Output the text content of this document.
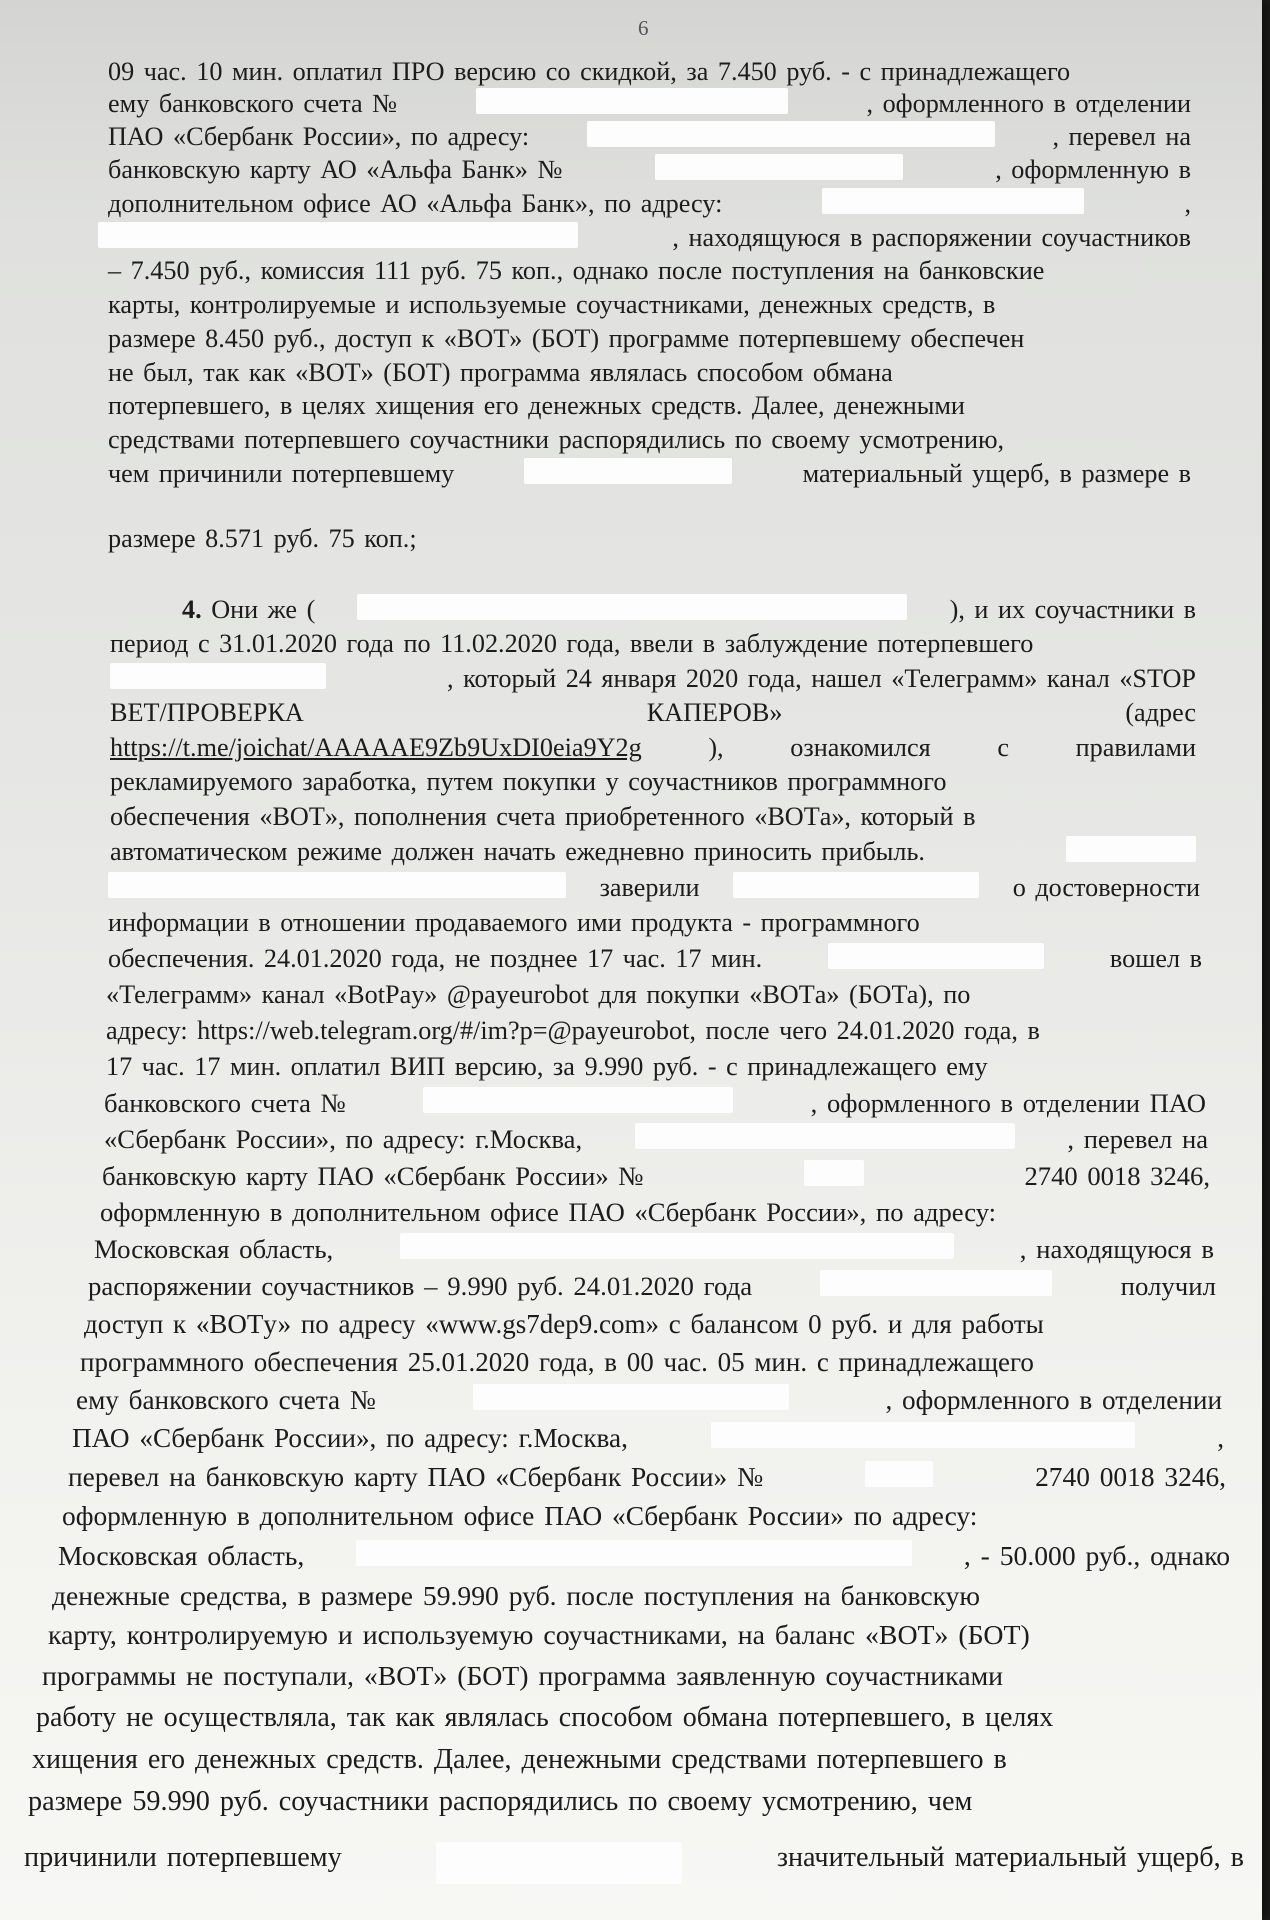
6
09 час. 10 мин. оплатил ПРО версию со скидкой, за 7.450 руб. - с принадлежащего
ему банковского счета №	, оформленного в отделении
ПАО «Сбербанк России», по адресу:	, перевел на
банковскую карту АО «Альфа Банк» №	, оформленную в
дополнительном офисе АО «Альфа Банк», по адресу:	,
, находящуюся в распоряжении соучастников
– 7.450 руб., комиссия 111 руб. 75 коп., однако после поступления на банковские
карты, контролируемые и используемые соучастниками, денежных средств, в
размере 8.450 руб., доступ к «BOT» (БОТ) программе потерпевшему обеспечен
не был, так как «BOT» (БОТ) программа являлась способом обмана
потерпевшего, в целях хищения его денежных средств. Далее, денежными
средствами потерпевшего соучастники распорядились по своему усмотрению,
чем причинили потерпевшему	материальный ущерб, в размере в
размере 8.571 руб. 75 коп.;
4. Они же (	), и их соучастники в
период с 31.01.2020 года по 11.02.2020 года, ввели в заблуждение потерпевшего
, который 24 января 2020 года, нашел «Телеграмм» канал «STOP
BET/ПРОВЕРКА	КАПЕРОВ»	(адрес
https://t.me/joichat/AAAAAE9Zb9UxDI0eia9Y2g	),	ознакомился	с	правилами
рекламируемого заработка, путем покупки у соучастников программного
обеспечения «BOT», пополнения счета приобретенного «BOTа», который в
автоматическом режиме должен начать ежедневно приносить прибыль.
заверили	о достоверности
информации в отношении продаваемого ими продукта - программного
обеспечения. 24.01.2020 года, не позднее 17 час. 17 мин.	вошел в
«Телеграмм» канал «BotPay» @payeurobot для покупки «BOTа» (БОТа), по
адресу: https://web.telegram.org/#/im?p=@payeurobot, после чего 24.01.2020 года, в
17 час. 17 мин. оплатил ВИП версию, за 9.990 руб. - с принадлежащего ему
банковского счета №	, оформленного в отделении ПАО
«Сбербанк России», по адресу: г.Москва,	, перевел на
банковскую карту ПАО «Сбербанк России» №	2740 0018 3246,
оформленную в дополнительном офисе ПАО «Сбербанк России», по адресу:
Московская область,	, находящуюся в
распоряжении соучастников – 9.990 руб. 24.01.2020 года	получил
доступ к «BOTу» по адресу «www.gs7dep9.com» с балансом 0 руб. и для работы
программного обеспечения 25.01.2020 года, в 00 час. 05 мин. с принадлежащего
ему банковского счета №	, оформленного в отделении
ПАО «Сбербанк России», по адресу: г.Москва,	,
перевел на банковскую карту ПАО «Сбербанк России» №	2740 0018 3246,
оформленную в дополнительном офисе ПАО «Сбербанк России» по адресу:
Московская область,	, - 50.000 руб., однако
денежные средства, в размере 59.990 руб. после поступления на банковскую
карту, контролируемую и используемую соучастниками, на баланс «BOT» (БОТ)
программы не поступали, «BOT» (БОТ) программа заявленную соучастниками
работу не осуществляла, так как являлась способом обмана потерпевшего, в целях
хищения его денежных средств. Далее, денежными средствами потерпевшего в
размере 59.990 руб. соучастники распорядились по своему усмотрению, чем
причинили потерпевшему	значительный материальный ущерб, в
